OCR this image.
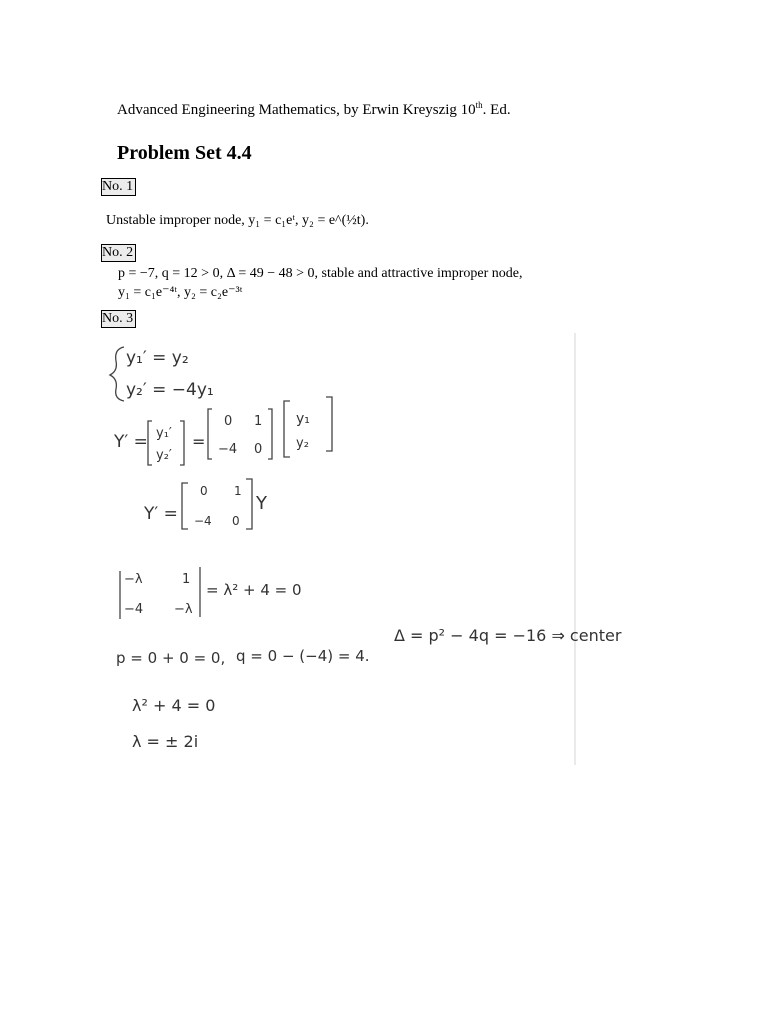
Advanced Engineering Mathematics, by Erwin Kreyszig 10th. Ed.
Problem Set 4.4
No. 1
Unstable improper node, y₁ = c₁eᵗ, y₂ = e^(½t).
No. 2
p = −7, q = 12 > 0, Δ = 49 − 48 > 0, stable and attractive improper node,
y₁ = c₁e⁻⁴ᵗ, y₂ = c₂e⁻³ᵗ
No. 3
y₁′ = y₂
y₂′ = −4y₁
Y′ = y₁′
y₂′
=
0 1
−4 0
y₁
y₂
Y′ =
0 1
−4 0
Y
−λ	1
−4 −λ
= λ² + 4 = 0
p = 0 + 0 = 0, q = 0 − (−4) = 4.
Δ = p² − 4q = −16 ⇒ center
λ² + 4 = 0
λ = ± 2i
